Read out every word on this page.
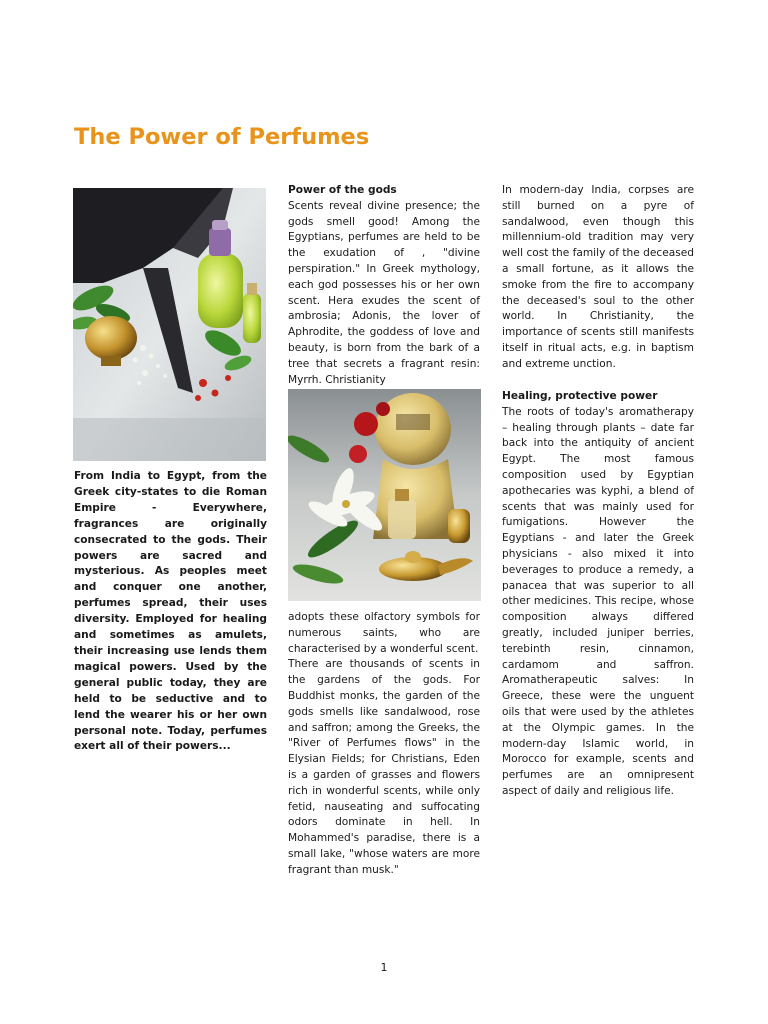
The Power of Perfumes

From India to Egypt, from the Greek city-states to die Roman Empire - Everywhere, fragrances are originally consecrated to the gods. Their powers are sacred and mysterious. As peoples meet and conquer one another, perfumes spread, their uses diversity. Employed for healing and sometimes as amulets, their increasing use lends them magical powers. Used by the general public today, they are held to be seductive and to lend the wearer his or her own personal note. Today, perfumes exert all of their powers...

Power of the gods

Scents reveal divine presence; the gods smell good! Among the Egyptians, perfumes are held to be the exudation of , "divine perspiration." In Greek mythology, each god possesses his or her own scent. Hera exudes the scent of ambrosia; Adonis, the lover of Aphrodite, the goddess of love and beauty, is born from the bark of a tree that secrets a fragrant resin: Myrrh. Christianity

adopts these olfactory symbols for numerous saints, who are characterised by a wonderful scent.

There are thousands of scents in the gardens of the gods. For Buddhist monks, the garden of the gods smells like sandalwood, rose and saffron; among the Greeks, the "River of Perfumes flows" in the Elysian Fields; for Christians, Eden is a garden of grasses and flowers rich in wonderful scents, while only fetid, nauseating and suffocating odors dominate in hell. In Mohammed's paradise, there is a small lake, "whose waters are more fragrant than musk."

In modern-day India, corpses are still burned on a pyre of sandalwood, even though this millennium-old tradition may very well cost the family of the deceased a small fortune, as it allows the smoke from the fire to accompany the deceased's soul to the other world. In Christianity, the importance of scents still manifests itself in ritual acts, e.g. in baptism and extreme unction.

Healing, protective power

The roots of today's aromatherapy – healing through plants – date far back into the antiquity of ancient Egypt. The most famous composition used by Egyptian apothecaries was kyphi, a blend of scents that was mainly used for fumigations. However the Egyptians - and later the Greek physicians - also mixed it into beverages to produce a remedy, a panacea that was superior to all other medicines. This recipe, whose composition always differed greatly, included juniper berries, terebinth resin, cinnamon, cardamom and saffron. Aromatherapeutic salves: In Greece, these were the unguent oils that were used by the athletes at the Olympic games. In the modern-day Islamic world, in Morocco for example, scents and perfumes are an omnipresent aspect of daily and religious life.

1
